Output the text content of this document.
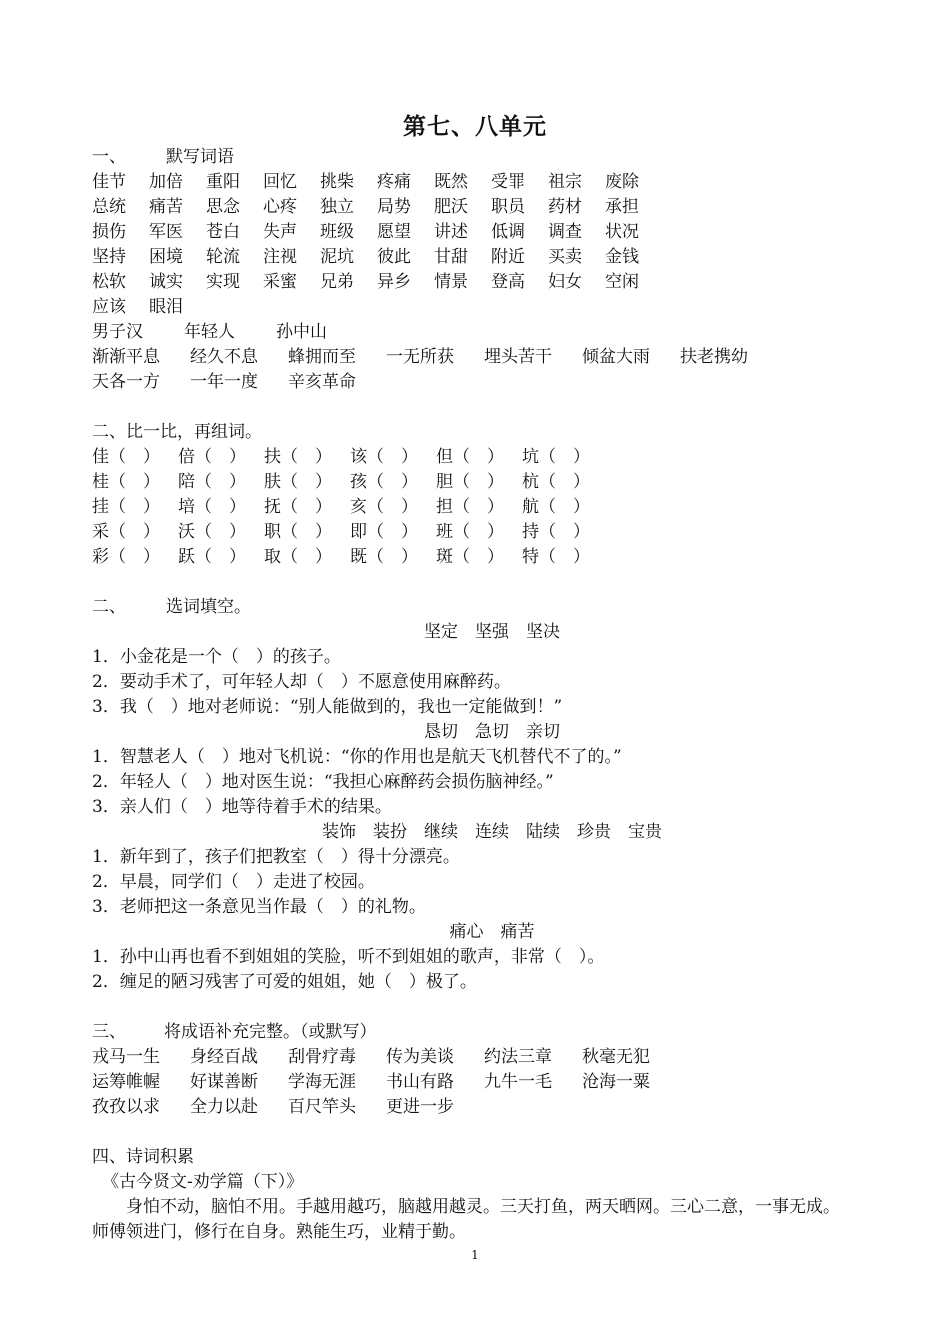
第七、八单元
一、 默写词语
佳节 加倍 重阳 回忆 挑柴 疼痛 既然 受罪 祖宗 废除
总统 痛苦 思念 心疼 独立 局势 肥沃 职员 药材 承担
损伤 军医 苍白 失声 班级 愿望 讲述 低调 调查 状况
坚持 困境 轮流 注视 泥坑 彼此 甘甜 附近 买卖 金钱
松软 诚实 实现 采蜜 兄弟 异乡 情景 登高 妇女 空闲
应该 眼泪
男子汉 年轻人 孙中山
渐渐平息 经久不息 蜂拥而至 一无所获 埋头苦干 倾盆大雨 扶老携幼
天各一方 一年一度 辛亥革命
二、比一比，再组词。
佳（　） 倍（　） 扶（　） 该（　） 但（　） 坑（　）
桂（　） 陪（　） 肤（　） 孩（　） 胆（　） 杭（　）
挂（　） 培（　） 抚（　） 亥（　） 担（　） 航（　）
采（　） 沃（　） 职（　） 即（　） 班（　） 持（　）
彩（　） 跃（　） 取（　） 既（　） 斑（　） 特（　）
二、 选词填空。
坚定　坚强　坚决
1．小金花是一个（　）的孩子。
2．要动手术了，可年轻人却（　）不愿意使用麻醉药。
3．我（　）地对老师说：“别人能做到的，我也一定能做到！”
恳切　急切　亲切
1．智慧老人（　）地对飞机说：“你的作用也是航天飞机替代不了的。”
2．年轻人（　）地对医生说：“我担心麻醉药会损伤脑神经。”
3．亲人们（　）地等待着手术的结果。
装饰　装扮　继续　连续　陆续　珍贵　宝贵
1．新年到了，孩子们把教室（　）得十分漂亮。
2．早晨，同学们（　）走进了校园。
3．老师把这一条意见当作最（　）的礼物。
痛心　痛苦
1．孙中山再也看不到姐姐的笑脸，听不到姐姐的歌声，非常（　）。
2．缠足的陋习残害了可爱的姐姐，她（　）极了。
三、 将成语补充完整。（或默写）
戎马一生 身经百战 刮骨疗毒 传为美谈 约法三章 秋毫无犯
运筹帷幄 好谋善断 学海无涯 书山有路 九牛一毛 沧海一粟
孜孜以求 全力以赴 百尺竿头 更进一步
四、诗词积累
《古今贤文-劝学篇（下）》
身怕不动，脑怕不用。手越用越巧，脑越用越灵。三天打鱼，两天晒网。三心二意，一事无成。
师傅领进门，修行在自身。熟能生巧，业精于勤。
1
